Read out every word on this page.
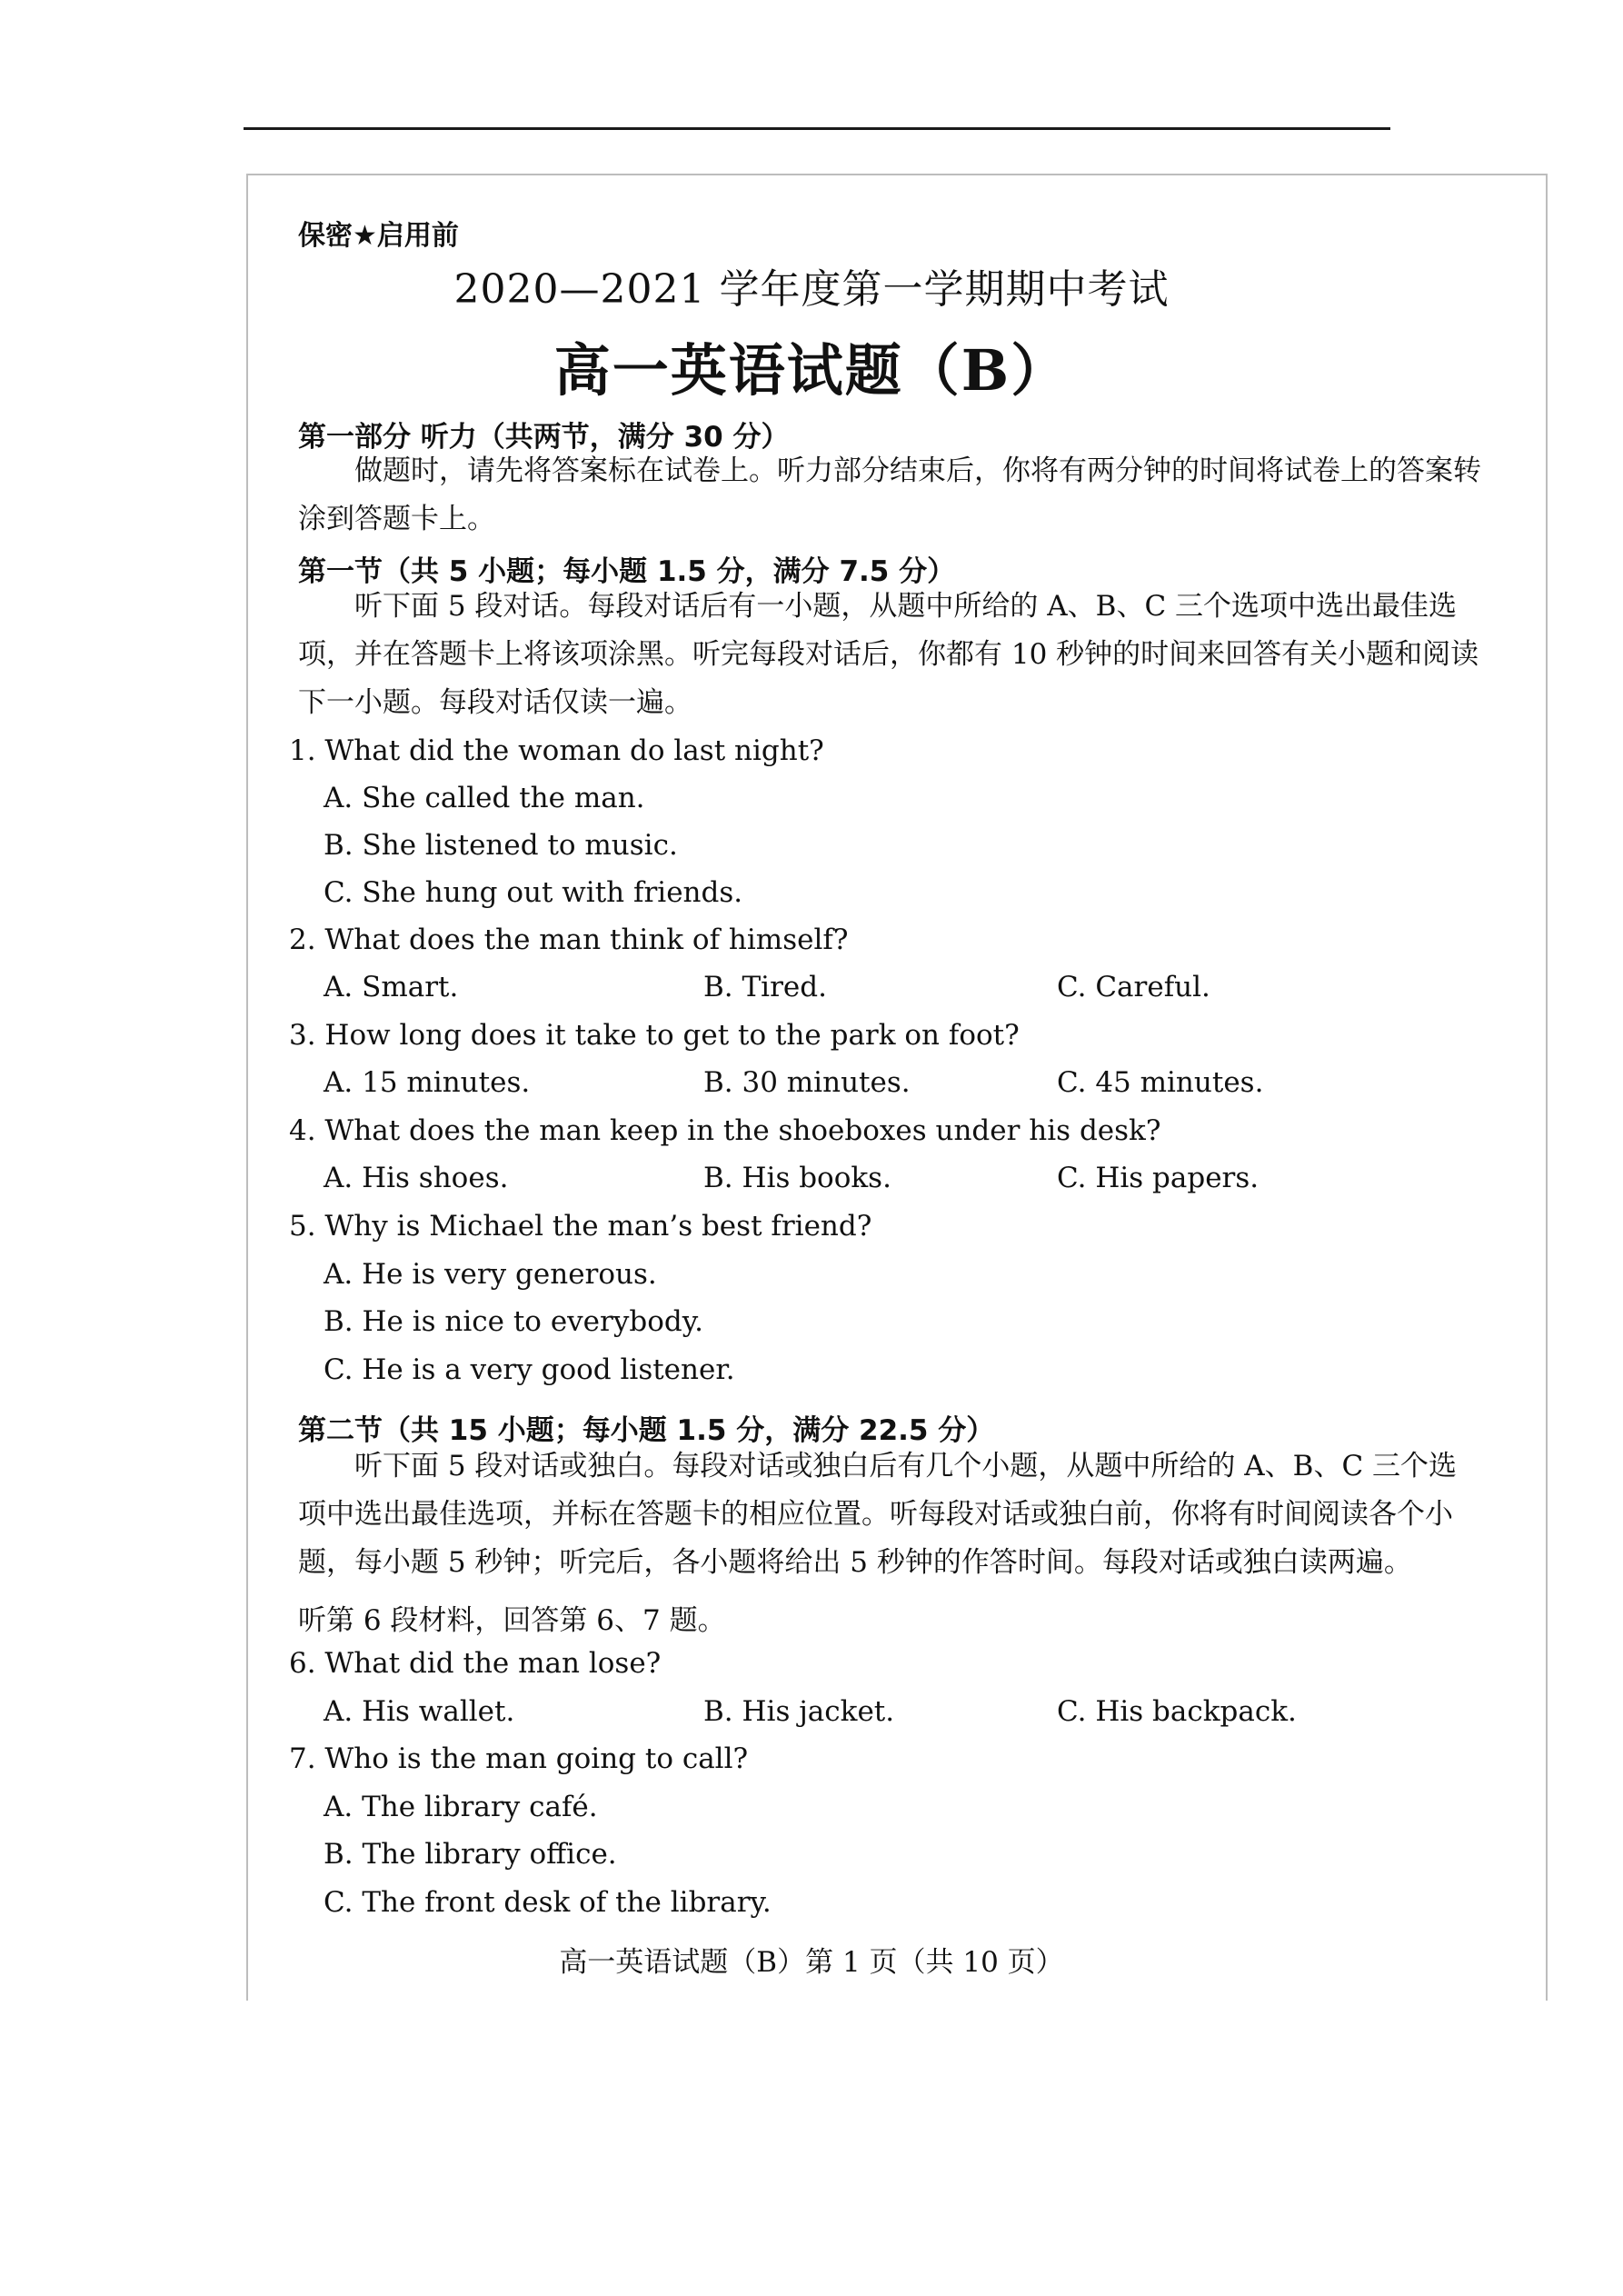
保密★启用前
2020—2021 学年度第一学期期中考试
高一英语试题（B）
第一部分 听力（共两节，满分 30 分）
做题时，请先将答案标在试卷上。听力部分结束后，你将有两分钟的时间将试卷上的答案转涂到答题卡上。
第一节（共 5 小题；每小题 1.5 分，满分 7.5 分）
听下面 5 段对话。每段对话后有一小题，从题中所给的 A、B、C 三个选项中选出最佳选项，并在答题卡上将该项涂黑。听完每段对话后，你都有 10 秒钟的时间来回答有关小题和阅读下一小题。每段对话仅读一遍。
1. What did the woman do last night?
A. She called the man.
B. She listened to music.
C. She hung out with friends.
2. What does the man think of himself?
A. Smart.	B. Tired.	C. Careful.
3. How long does it take to get to the park on foot?
A. 15 minutes.	B. 30 minutes.	C. 45 minutes.
4. What does the man keep in the shoeboxes under his desk?
A. His shoes.	B. His books.	C. His papers.
5. Why is Michael the man’s best friend?
A. He is very generous.
B. He is nice to everybody.
C. He is a very good listener.
第二节（共 15 小题；每小题 1.5 分，满分 22.5 分）
听下面 5 段对话或独白。每段对话或独白后有几个小题，从题中所给的 A、B、C 三个选项中选出最佳选项，并标在答题卡的相应位置。听每段对话或独白前，你将有时间阅读各个小题，每小题 5 秒钟；听完后，各小题将给出 5 秒钟的作答时间。每段对话或独白读两遍。
听第 6 段材料，回答第 6、7 题。
6. What did the man lose?
A. His wallet.	B. His jacket.	C. His backpack.
7. Who is the man going to call?
A. The library café.
B. The library office.
C. The front desk of the library.
高一英语试题（B）第 1 页（共 10 页）
